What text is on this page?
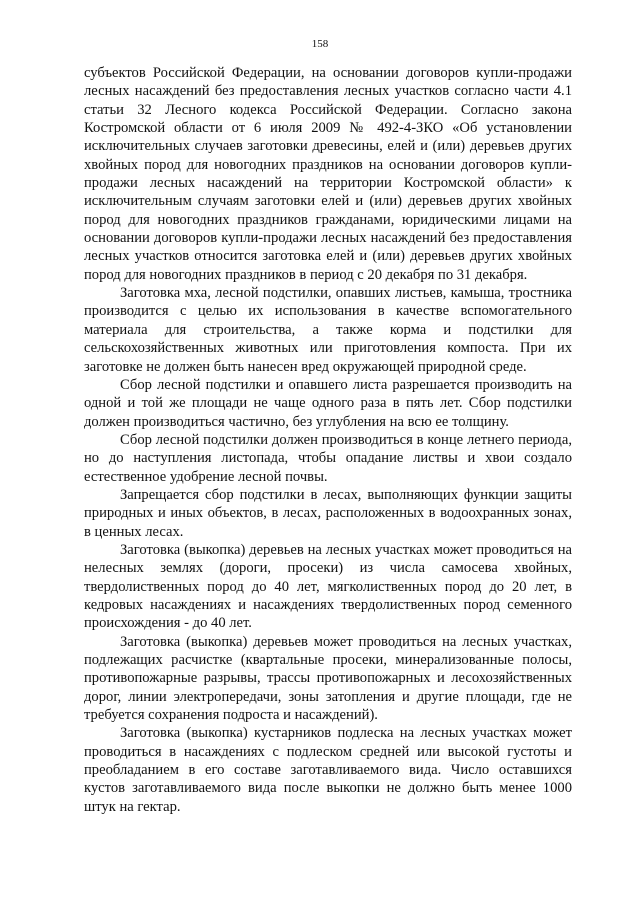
158

субъектов Российской Федерации, на основании договоров купли-продажи лесных насаждений без предоставления лесных участков согласно части 4.1 статьи 32 Лесного кодекса Российской Федерации. Согласно закона Костромской области от 6 июля 2009 № 492-4-ЗКО «Об установлении исключительных случаев заготовки древесины, елей и (или) деревьев других хвойных пород для новогодних праздников на основании договоров купли-продажи лесных насаждений на территории Костромской области» к исключительным случаям заготовки елей и (или) деревьев других хвойных пород для новогодних праздников гражданами, юридическими лицами на основании договоров купли-продажи лесных насаждений без предоставления лесных участков относится заготовка елей и (или) деревьев других хвойных пород для новогодних праздников в период с 20 декабря по 31 декабря.

Заготовка мха, лесной подстилки, опавших листьев, камыша, тростника производится с целью их использования в качестве вспомогательного материала для строительства, а также корма и подстилки для сельскохозяйственных животных или приготовления компоста. При их заготовке не должен быть нанесен вред окружающей природной среде.

Сбор лесной подстилки и опавшего листа разрешается производить на одной и той же площади не чаще одного раза в пять лет. Сбор подстилки должен производиться частично, без углубления на всю ее толщину.

Сбор лесной подстилки должен производиться в конце летнего периода, но до наступления листопада, чтобы опадание листвы и хвои создало естественное удобрение лесной почвы.

Запрещается сбор подстилки в лесах, выполняющих функции защиты природных и иных объектов, в лесах, расположенных в водоохранных зонах, в ценных лесах.

Заготовка (выкопка) деревьев на лесных участках может проводиться на нелесных землях (дороги, просеки) из числа самосева хвойных, твердолиственных пород до 40 лет, мягколиственных пород до 20 лет, в кедровых насаждениях и насаждениях твердолиственных пород семенного происхождения - до 40 лет.

Заготовка (выкопка) деревьев может проводиться на лесных участках, подлежащих расчистке (квартальные просеки, минерализованные полосы, противопожарные разрывы, трассы противопожарных и лесохозяйственных дорог, линии электропередачи, зоны затопления и другие площади, где не требуется сохранения подроста и насаждений).

Заготовка (выкопка) кустарников подлеска на лесных участках может проводиться в насаждениях с подлеском средней или высокой густоты и преобладанием в его составе заготавливаемого вида. Число оставшихся кустов заготавливаемого вида после выкопки не должно быть менее 1000 штук на гектар.
